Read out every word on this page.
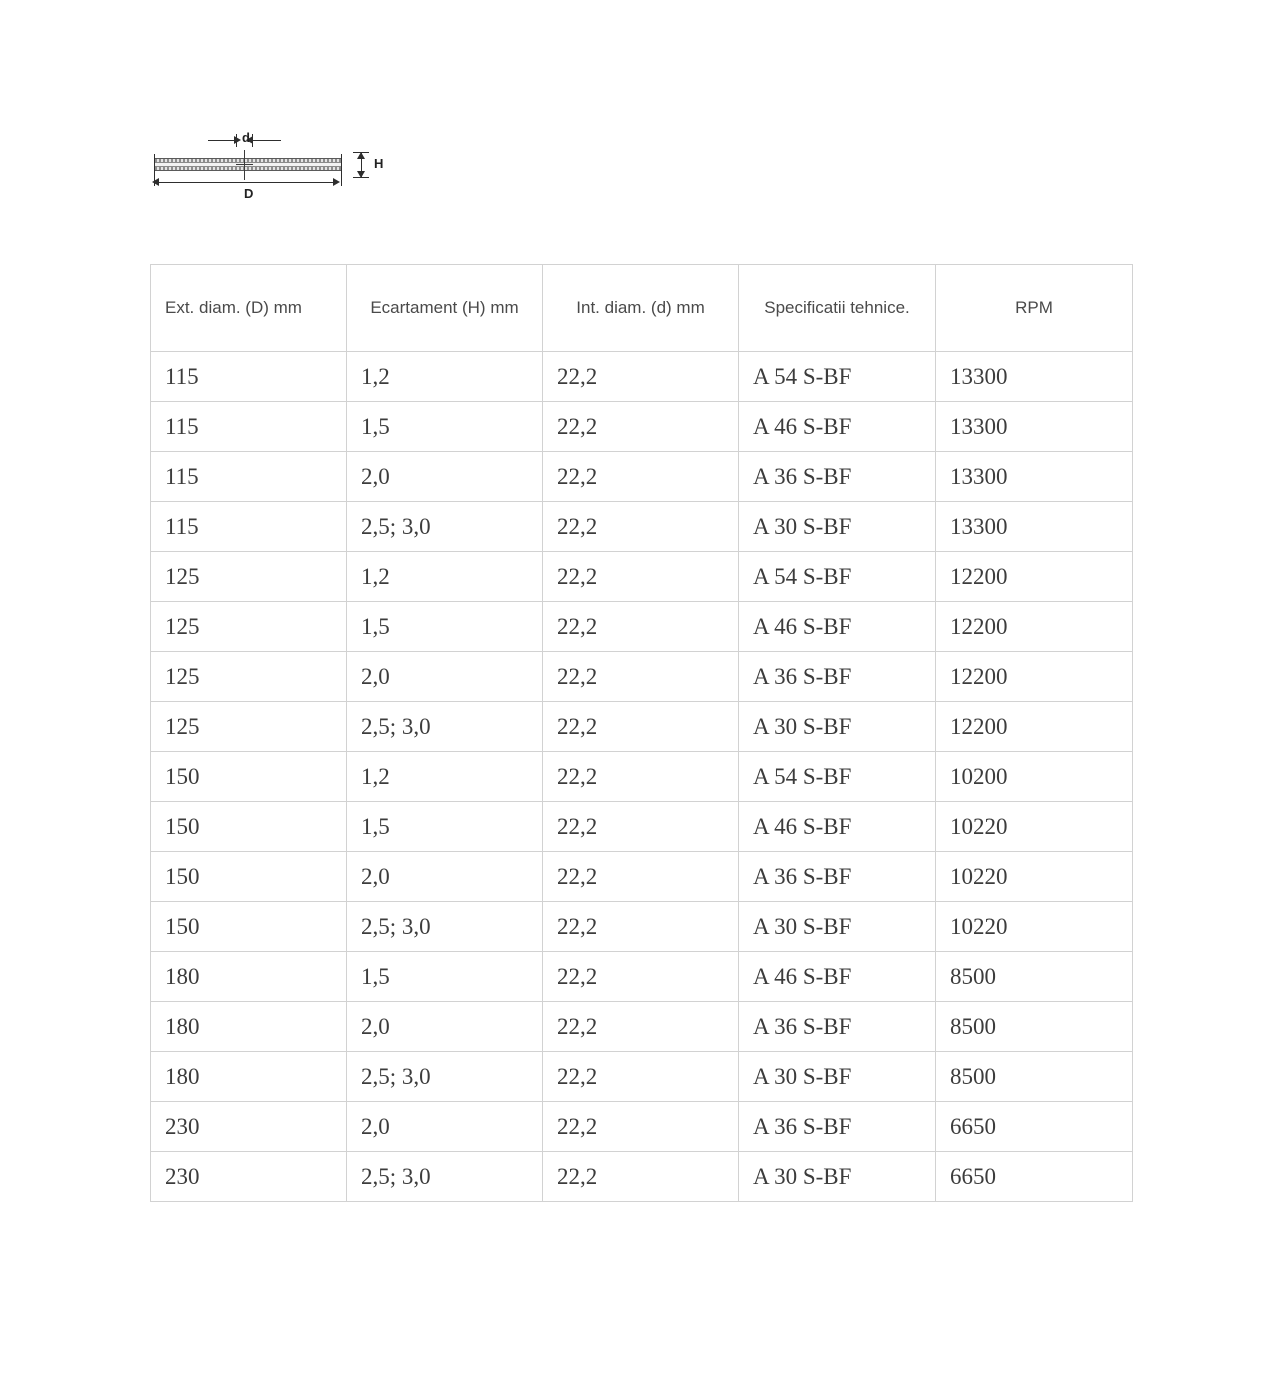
d
D
H
Ext. diam. (D) mm	Ecartament (H) mm	Int. diam. (d) mm	Specificatii tehnice.	RPM
115	1,2	22,2	A 54 S-BF	13300
115	1,5	22,2	A 46 S-BF	13300
115	2,0	22,2	A 36 S-BF	13300
115	2,5; 3,0	22,2	A 30 S-BF	13300
125	1,2	22,2	A 54 S-BF	12200
125	1,5	22,2	A 46 S-BF	12200
125	2,0	22,2	A 36 S-BF	12200
125	2,5; 3,0	22,2	A 30 S-BF	12200
150	1,2	22,2	A 54 S-BF	10200
150	1,5	22,2	A 46 S-BF	10220
150	2,0	22,2	A 36 S-BF	10220
150	2,5; 3,0	22,2	A 30 S-BF	10220
180	1,5	22,2	A 46 S-BF	8500
180	2,0	22,2	A 36 S-BF	8500
180	2,5; 3,0	22,2	A 30 S-BF	8500
230	2,0	22,2	A 36 S-BF	6650
230	2,5; 3,0	22,2	A 30 S-BF	6650
